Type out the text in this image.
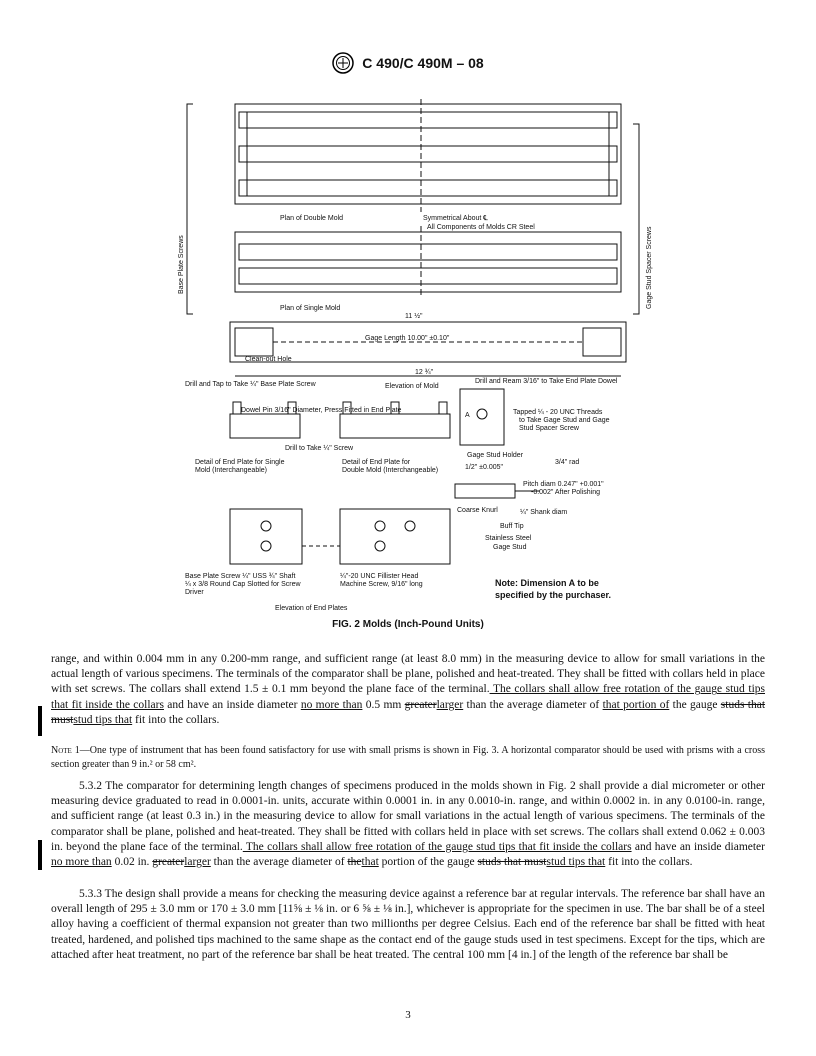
C 490/C 490M – 08
Base Plate Screws	Gage Stud Spacer Screws
Plan of Double Mold	Symmetrical About ℄
All Components of Molds CR Steel
Plan of Single Mold
11 ½"
Gage Length 10.00" ±0.10"
Clean-out Hole
12 ¾"
Drill and Tap to Take ¼" Base Plate Screw	Elevation of Mold
Drill and Ream 3/16" to Take End Plate Dowel
Dowel Pin 3/16" Diameter, Press Fitted in End Plate
A	Tapped ¼ - 20 UNC Threads
to Take Gage Stud and Gage
Stud Spacer Screw
Gage Stud Holder
Drill to Take ¼" Screw
Detail of End Plate for Single
Mold (Interchangeable)
Detail of End Plate for
Double Mold (Interchangeable)	1/2" ±0.005"
3/4" rad
Pitch diam 0.247" +0.001"
-0.002" After Polishing
Coarse Knurl	¼" Shank diam
Buff Tip
Stainless Steel
Gage Stud
Base Plate Screw ¼" USS ¾" Shaft
¼ x 3/8 Round Cap Slotted for Screw
Driver
¼"-20 UNC Fillister Head
Machine Screw, 9/16" long
Elevation of End Plates
Note: Dimension A to be
specified by the purchaser.
FIG. 2 Molds (Inch-Pound Units)
range, and within 0.004 mm in any 0.200-mm range, and sufficient range (at least 8.0 mm) in the measuring device to allow for small variations in the actual length of various specimens. The terminals of the comparator shall be plane, polished and heat-treated. They shall be fitted with collars held in place with set screws. The collars shall extend 1.5 ± 0.1 mm beyond the plane face of the terminal. The collars shall allow free rotation of the gauge stud tips that fit inside the collars and have an inside diameter no more than 0.5 mm greaterlarger than the average diameter of that portion of the gauge studs that muststud tips that fit into the collars.
Note 1—One type of instrument that has been found satisfactory for use with small prisms is shown in Fig. 3. A horizontal comparator should be used with prisms with a cross section greater than 9 in.² or 58 cm².
5.3.2 The comparator for determining length changes of specimens produced in the molds shown in Fig. 2 shall provide a dial micrometer or other measuring device graduated to read in 0.0001-in. units, accurate within 0.0001 in. in any 0.0010-in. range, and within 0.0002 in. in any 0.0100-in. range, and sufficient range (at least 0.3 in.) in the measuring device to allow for small variations in the actual length of various specimens. The terminals of the comparator shall be plane, polished and heat-treated. They shall be fitted with collars held in place with set screws. The collars shall extend 0.062 ± 0.003 in. beyond the plane face of the terminal. The collars shall allow free rotation of the gauge stud tips that fit inside the collars and have an inside diameter no more than 0.02 in. greaterlarger than the average diameter of thethat portion of the gauge studs that muststud tips that fit into the collars.
5.3.3 The design shall provide a means for checking the measuring device against a reference bar at regular intervals. The reference bar shall have an overall length of 295 ± 3.0 mm or 170 ± 3.0 mm [11⅝ ± ⅛ in. or 6 ⅝ ± ⅛ in.], whichever is appropriate for the specimen in use. The bar shall be of a steel alloy having a coefficient of thermal expansion not greater than two millionths per degree Celsius. Each end of the reference bar shall be fitted with heat treated, hardened, and polished tips machined to the same shape as the contact end of the gauge studs used in test specimens. Except for the tips, which are attached after heat treatment, no part of the reference bar shall be heat treated. The central 100 mm [4 in.] of the length of the reference bar shall be
3
